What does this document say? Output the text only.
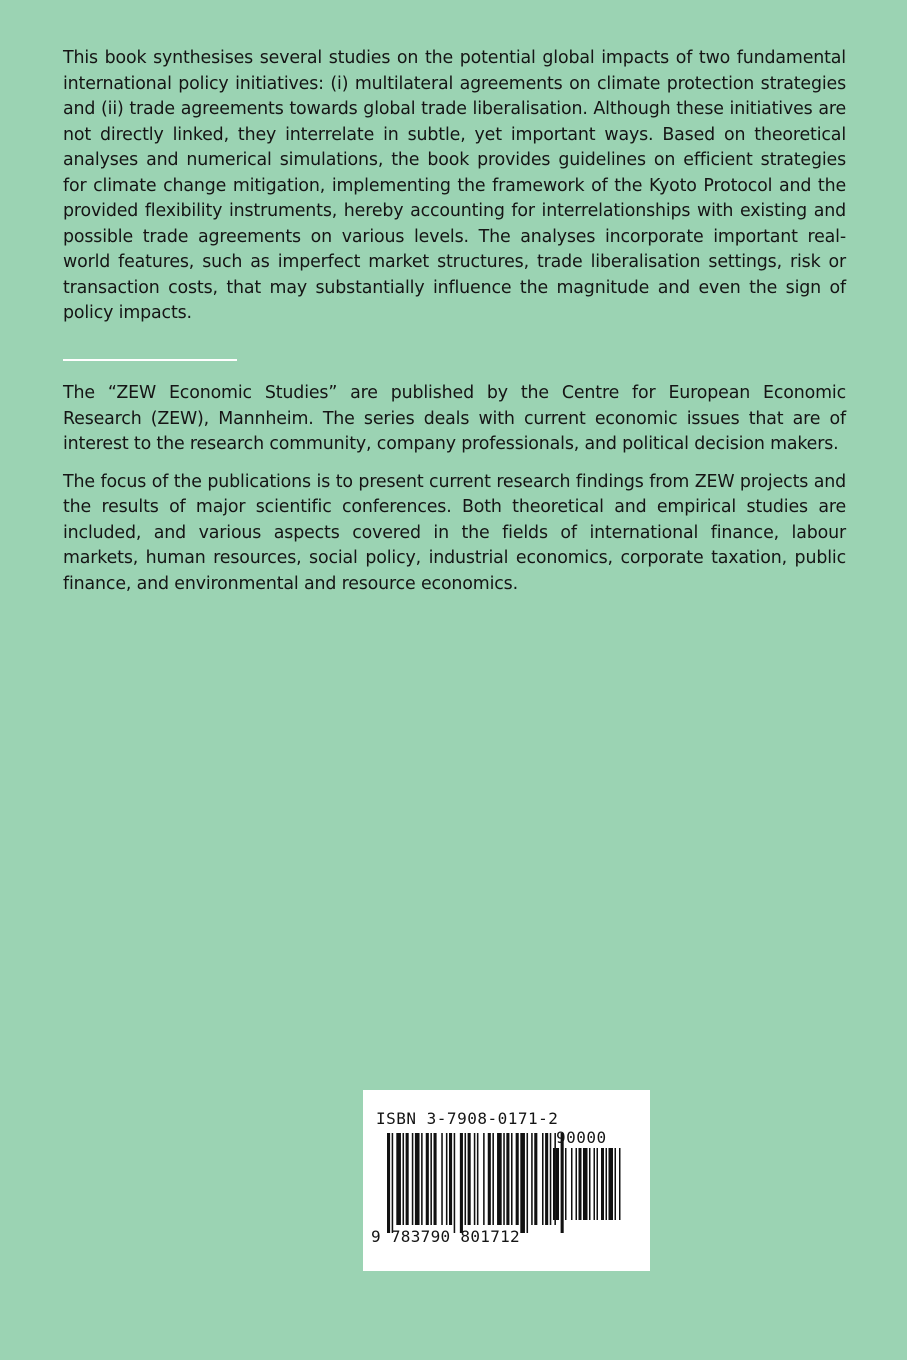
This book synthesises several studies on the potential global impacts of two fundamental international policy initiatives: (i) multilateral agreements on climate protection strategies and (ii) trade agreements towards global trade liberalisation. Although these initiatives are not directly linked, they interrelate in subtle, yet important ways. Based on theoretical analyses and numerical simulations, the book provides guidelines on efficient strategies for climate change mitigation, implementing the framework of the Kyoto Protocol and the provided flexibility instruments, hereby accounting for interrelationships with existing and possible trade agreements on various levels. The analyses incorporate important real-world features, such as imperfect market structures, trade liberalisation settings, risk or transaction costs, that may substantially influence the magnitude and even the sign of policy impacts.

The “ZEW Economic Studies” are published by the Centre for European Economic Research (ZEW), Mannheim. The series deals with current economic issues that are of interest to the research community, company professionals, and political decision makers.

The focus of the publications is to present current research findings from ZEW projects and the results of major scientific conferences. Both theoretical and empirical studies are included, and various aspects covered in the fields of international finance, labour markets, human resources, social policy, industrial economics, corporate taxation, public finance, and environmental and resource economics.

ISBN 3-7908-0171-2
90000
9 783790 801712
